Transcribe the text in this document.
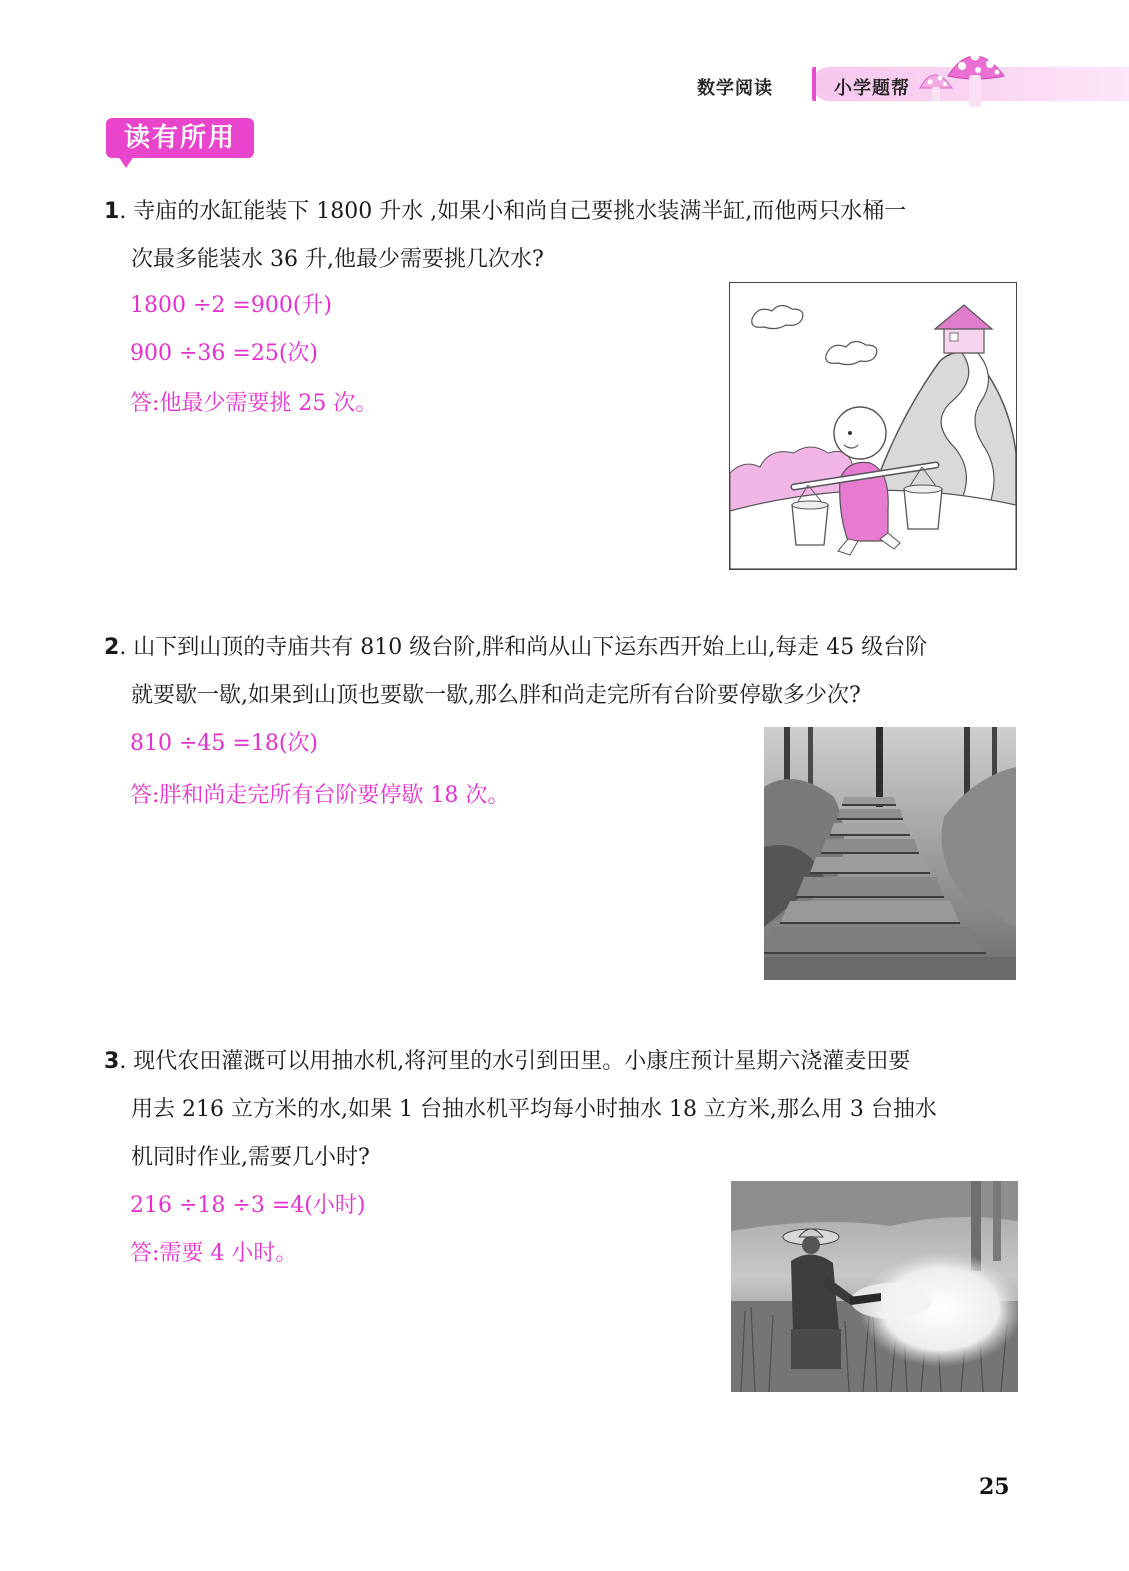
数学阅读	小学题帮
读有所用
1. 寺庙的水缸能装下 1800 升水 ,如果小和尚自己要挑水装满半缸,而他两只水桶一
次最多能装水 36 升,他最少需要挑几次水?
1800 ÷2 =900(升)
900 ÷36 =25(次)
答:他最少需要挑 25 次。
2. 山下到山顶的寺庙共有 810 级台阶,胖和尚从山下运东西开始上山,每走 45 级台阶
就要歇一歇,如果到山顶也要歇一歇,那么胖和尚走完所有台阶要停歇多少次?
810 ÷45 =18(次)
答:胖和尚走完所有台阶要停歇 18 次。
3. 现代农田灌溉可以用抽水机,将河里的水引到田里。小康庄预计星期六浇灌麦田要
用去 216 立方米的水,如果 1 台抽水机平均每小时抽水 18 立方米,那么用 3 台抽水
机同时作业,需要几小时?
216 ÷18 ÷3 =4(小时)
答:需要 4 小时。
25
